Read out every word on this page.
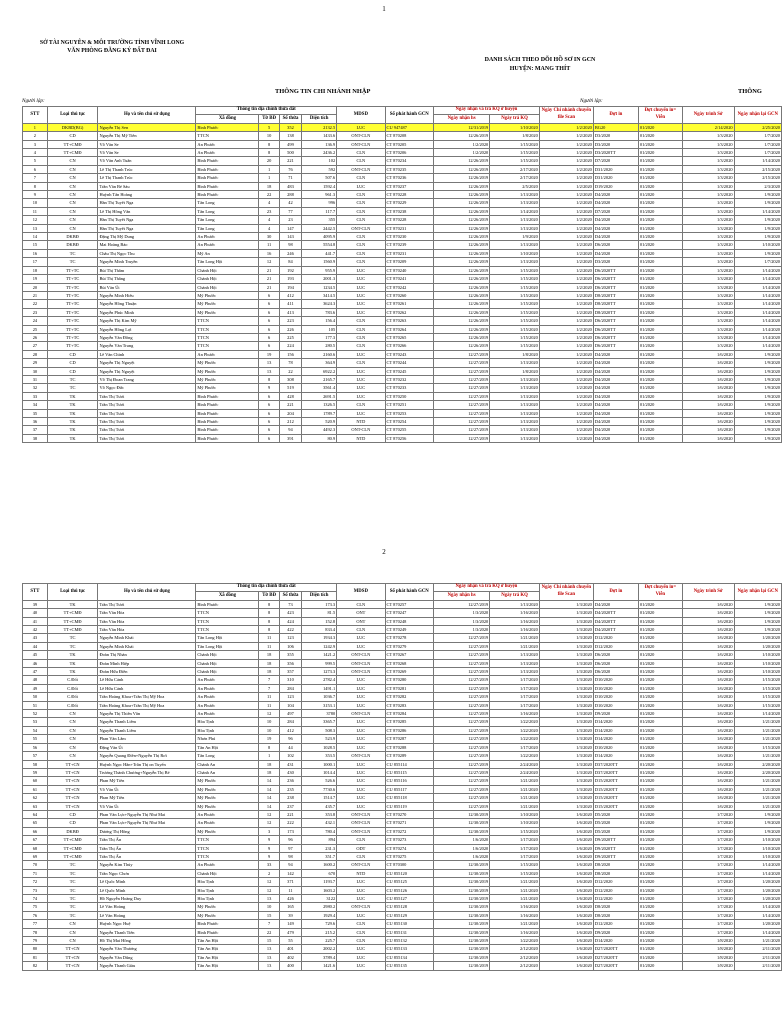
1
SỞ TÀI NGUYÊN & MÔI TRƯỜNG TỈNH VĨNH LONG
VĂN PHÒNG ĐĂNG KÝ ĐẤT ĐAI
DANH SÁCH THEO DÕI HỒ SƠ IN GCN
HUYỆN: MANG THÍT
THÔNG TIN CHI NHÁNH NHẬP	THÔNG
Người lập:	Người lập:
STT	Loại thủ tục	Họ và tên chủ sử dụng	Thông tin địa chính thửa đất				MDSD	Số phát hành GCN	Ngày nhận và trả KQ ở huyện		Ngày Chi nhánh chuyển file Scan	Đợt in	Đợt chuyển in= Viễn	Ngày trình Sở	Ngày nhận lại GCN
			Xã đồng	Tờ BĐ	Số thửa	Diện tích			Ngày nhận hs	Ngày trả KQ					
1	DKBD(BG)	Nguyễn Thị Sen	Bình Phước	5	352	2132.5	LUC	CU 947487	12/31/2019	1/10/2020	1/2/2020	BG20	01/2020	2/14/2020	2/25/2020
2	CD	Nguyễn Thị Mỹ Tiên	TTCN	10	138	1433.6	ONT-CLN	CT 870208	12/26/2019	1/8/2020	1/2/2020	D3/2020	01/2020	1/3/2020	1/7/2020
3	TT+CMĐ	Võ Văn Se	An Phước	8	499	136.9	ONT-CLN	CT 870205	1/2/2020	1/15/2020	1/2/2020	D3/2020	01/2020	1/3/2020	1/7/2020
4	TT+CMĐ	Võ Văn Se	An Phước	8	500	2436.2	CLN	CT 870206	1/2/2020	1/15/2020	1/2/2020	D3/2020TT	01/2020	1/3/2020	1/7/2020
5	CN	Võ Văn Anh Tuấn	Bình Phước	20	221	102	CLN	CT 870234	12/26/2019	1/15/2020	1/2/2020	D7/2020	01/2020	1/3/2020	1/14/2020
6	CN	Lê Thị Thanh Trúc	Bình Phước	1	76	592	ONT-CLN	CT 870235	12/26/2019	2/17/2020	1/2/2020	D31/2020	01/2020	1/3/2020	2/15/2020
7	CN	Lê Thị Thanh Trúc	Bình Phước	1	71	507.6	CLN	CT 870236	12/26/2019	2/17/2020	1/2/2020	D31/2020	01/2020	1/3/2020	2/15/2020
8	CN	Trần Văn Bé Sáu	Bình Phước	18	483	1592.4	LUC	CT 870237	12/26/2019	2/5/2020	1/2/2020	D19/2020	01/2020	1/3/2020	2/3/2020
9	CN	Huỳnh Tấn Hoàng	Bình Phước	22	288	961.3	CLN	CT 870228	12/26/2019	1/13/2020	1/2/2020	D4/2020	01/2020	1/3/2020	1/9/2020
10	CN	Hàn Thị Tuyết Nga	Tân Long	4	42	996	CLN	CT 870229	12/26/2019	1/13/2020	1/2/2020	D4/2020	01/2020	1/3/2020	1/9/2020
11	CN	Lê Thị Hồng Vân	Tân Long	23	77	117.7	CLN	CT 870238	12/26/2019	1/14/2020	1/2/2020	D7/2020	01/2020	1/3/2020	1/14/2020
12	CN	Hàn Thị Tuyết Nga	Tân Long	4	23	355	CLN	CT 870228	12/26/2019	1/13/2020	1/2/2020	D4/2020	01/2020	1/3/2020	1/9/2020
13	CN	Hàn Thị Tuyết Nga	Tân Long	4	147	2442.5	ONT-CLN	CT 870231	12/26/2019	1/13/2020	1/2/2020	D4/2020	01/2020	1/3/2020	1/9/2020
14	DKBĐ	Đặng Thị Mỹ Dung	An Phước	30	143	4095.9	CLN	CT 870230	12/26/2019	1/9/2020	1/2/2020	D4/2020	01/2020	1/3/2020	1/9/2020
15	DKBĐ	Mai Hoàng Bảo	An Phước	11	98	5554.8	CLN	CT 870239	12/26/2019	1/13/2020	1/2/2020	D6/2020	01/2020	1/3/2020	1/10/2020
16	TC	Châu Thị Ngọc Thu	Mỹ An	16	246	441.7	CLN	CT 870231	12/26/2019	1/10/2020	1/2/2020	D4/2020	01/2020	1/3/2020	1/9/2020
17	TC	Nguyễn Minh Truyền	Tân Long Hội	12	84	1560.9	CLN	CT 870209	12/26/2019	1/13/2020	1/2/2020	D3/2020	01/2020	1/3/2020	1/7/2020
18	TT+TC	Bùi Thị Thắm	Chánh Hội	21	192	955.9	LUC	CT 870240	12/26/2019	1/15/2020	1/2/2020	D6/2020TT	01/2020	1/3/2020	1/14/2020
19	TT+TC	Bùi Thị Thắng	Chánh Hội	21	193	2001.3	LUC	CT 870241	12/26/2019	1/15/2020	1/2/2020	D6/2020TT	01/2020	1/3/2020	1/14/2020
20	TT+TC	Bùi Văn Út	Chánh Hội	21	194	1234.5	LUC	CT 870242	12/26/2019	1/15/2020	1/2/2020	D6/2020TT	01/2020	1/3/2020	1/14/2020
21	TT+TC	Nguyễn Minh Hiếu	Mỹ Phước	6	412	3414.5	LUC	CT 870260	12/26/2019	1/15/2020	1/2/2020	D8/2020TT	01/2020	1/3/2020	1/14/2020
22	TT+TC	Nguyễn Hồng Thuận	Mỹ Phước	6	411	3624.3	LUC	CT 870261	12/26/2019	1/15/2020	1/2/2020	D8/2020TT	01/2020	1/3/2020	1/14/2020
23	TT+TC	Nguyễn Phúc Minh	Mỹ Phước	6	413	783.6	LUC	CT 870262	12/26/2019	1/15/2020	1/2/2020	D8/2020TT	01/2020	1/3/2020	1/14/2020
24	TT+TC	Nguyễn Thị Kim Mỹ	TTCN	6	223	156.4	CLN	CT 870263	12/26/2019	1/15/2020	1/2/2020	D6/2020TT	01/2020	1/3/2020	1/14/2020
25	TT+TC	Nguyễn Hồng Lợi	TTCN	6	226	105	CLN	CT 870264	12/26/2019	1/15/2020	1/2/2020	D6/2020TT	01/2020	1/3/2020	1/14/2020
26	TT+TC	Nguyễn Văn Đồng	TTCN	6	225	177.3	CLN	CT 870265	12/26/2019	1/15/2020	1/2/2020	D6/2020TT	01/2020	1/3/2020	1/14/2020
27	TT+TC	Nguyễn Văn Trung	TTCN	6	224	280.5	CLN	CT 870266	12/26/2019	1/15/2020	1/2/2020	D6/2020TT	01/2020	1/3/2020	1/14/2020
28	CD	Lê Văn Chình	An Phước	19	156	2160.6	LUC	CT 870243	12/27/2019	1/8/2020	1/2/2020	D4/2020	01/2020	1/6/2020	1/9/2020
29	CD	Nguyễn Thị Nguyệt	Mỹ Phước	13	78	364.9	CLN	CT 870244	12/27/2019	1/13/2020	1/2/2020	D4/2020	01/2020	1/6/2020	1/9/2020
30	CD	Nguyễn Thị Nguyệt	Mỹ Phước	13	22	6922.2	LUC	CT 870245	12/27/2019	1/8/2020	1/2/2020	D4/2020	01/2020	1/6/2020	1/9/2020
31	TC	Võ Thị Đoan Trang	Mỹ Phước	8	308	2165.7	LUC	CT 870232	12/27/2019	1/13/2020	1/2/2020	D4/2020	01/2020	1/6/2020	1/9/2020
32	TC	Võ Ngọc Đức	Mỹ Phước	9	519	3561.4	LUC	CT 870233	12/27/2019	1/13/2020	1/2/2020	D4/2020	01/2020	1/6/2020	1/9/2020
33	TK	Trần Thị Tươi	Bình Phước	6	428	2691.5	LUC	CT 870250	12/27/2019	1/13/2020	1/2/2020	D4/2020	01/2020	1/6/2020	1/9/2020
34	TK	Trần Thị Tươi	Bình Phước	6	221	1326.5	CLN	CT 870251	12/27/2019	1/13/2020	1/2/2020	D4/2020	01/2020	1/6/2020	1/9/2020
35	TK	Trần Thị Tươi	Bình Phước	6	204	1789.7	LUC	CT 870253	12/27/2019	1/13/2020	1/2/2020	D4/2020	01/2020	1/6/2020	1/9/2020
36	TK	Trần Thị Tươi	Bình Phước	6	212	520.9	NTD	CT 870254	12/27/2019	1/13/2020	1/2/2020	D4/2020	01/2020	1/6/2020	1/9/2020
37	TK	Trần Thị Tươi	Bình Phước	6	94	4492.3	ONT-CLN	CT 870255	12/27/2019	1/13/2020	1/2/2020	D4/2020	01/2020	1/6/2020	1/9/2020
38	TK	Trần Thị Tươi	Bình Phước	6	391	80.9	NTD	CT 870256	12/27/2019	1/13/2020	1/2/2020	D4/2020	01/2020	1/6/2020	1/9/2020
2
STT	Loại thủ tục	Họ và tên chủ sử dụng	Thông tin địa chính thửa đất				MDSD	Số phát hành GCN	Ngày nhận và trả KQ ở huyện		Ngày Chi nhánh chuyển file Scan	Đợt in	Đợt chuyển in= Viễn	Ngày trình Sở	Ngày nhận lại GCN
			Xã đồng	Tờ BĐ	Số thửa	Diện tích			Ngày nhận hs	Ngày trả KQ					
39	TK	Trần Thị Tươi	Bình Phước	8	73	173.3	CLN	CT 870257	12/27/2019	1/13/2020	1/3/2020	D4/2020	01/2020	1/6/2020	1/9/2020
40	TT+CMĐ	Trần Văn Hòa	TTCN	8	423	81.5	ONT	CT 870247	1/3/2020	1/16/2020	1/3/2020	D4/2020TT	01/2020	1/6/2020	1/9/2020
41	TT+CMĐ	Trần Văn Hòa	TTCN	8	424	152.8	ONT	CT 870248	1/3/2020	1/16/2020	1/3/2020	D4/2020TT	01/2020	1/6/2020	1/9/2020
42	TT+CMĐ	Trần Văn Hòa	TTCN	8	422	833.4	CLN	CT 870249	1/3/2020	1/16/2020	1/3/2020	D4/2020TT	01/2020	1/6/2020	1/9/2020
43	TC	Nguyễn Minh Khải	Tân Long Hội	11	123	1934.3	LUC	CT 870278	12/27/2019	1/21/2020	1/3/2020	D12/2020	01/2020	1/6/2020	1/20/2020
44	TC	Nguyễn Minh Khải	Tân Long Hội	11	106	1242.9	LUC	CT 870279	12/27/2019	1/21/2020	1/3/2020	D12/2020	01/2020	1/6/2020	1/20/2020
45	TK	Đoàn Thị Nhàn	Chánh Hội	18	355	1421.2	ONT-CLN	CT 870267	12/27/2019	1/13/2020	1/3/2020	D6/2020	01/2020	1/6/2020	1/10/2020
46	TK	Đoàn Minh Hiệp	Chánh Hội	18	356	999.5	ONT-CLN	CT 870268	12/27/2019	1/13/2020	1/3/2020	D6/2020	01/2020	1/6/2020	1/10/2020
47	TK	Đoàn Hữu Điền	Chánh Hội	18	357	1273.3	ONT-CLN	CT 870269	12/27/2019	1/13/2020	1/3/2020	D6/2020	01/2020	1/6/2020	1/10/2020
48	C.Đổi	Lê Hữu Cảnh	An Phước	7	310	2782.4	LUC	CT 870280	12/27/2019	1/17/2020	1/3/2020	D10/2020	01/2020	1/6/2020	1/15/2020
49	C.Đổi	Lê Hữu Cảnh	An Phước	7	284	1491.1	LUC	CT 870281	12/27/2019	1/17/2020	1/3/2020	D10/2020	01/2020	1/6/2020	1/15/2020
50	C.Đổi	Trần Hoàng Khoa+Trần Thị Mỹ Hoa	An Phước	11	123	1036.7	LUC	CT 870282	12/27/2019	1/17/2020	1/3/2020	D10/2020	01/2020	1/6/2020	1/15/2020
51	C.Đổi	Trần Hoàng Khoa+Trần Thị Mỹ Hoa	An Phước	11	104	3153.1	LUC	CT 870283	12/27/2019	1/17/2020	1/3/2020	D10/2020	01/2020	1/6/2020	1/15/2020
52	CN	Nguyễn Thị Thiên Vân	An Phước	12	497	3780	ONT-CLN	CT 870284	12/27/2019	1/16/2020	1/3/2020	D9/2020	01/2020	1/6/2020	1/14/2020
53	CN	Nguyễn Thanh Liêm	Hòa Tịnh	10	284	3365.7	LUC	CT 870285	12/27/2019	1/22/2020	1/3/2020	D14/2020	01/2020	1/6/2020	1/21/2020
54	CN	Nguyễn Thanh Liêm	Hòa Tịnh	10	412	508.3	LUC	CT 870286	12/27/2019	1/22/2020	1/3/2020	D14/2020	01/2020	1/6/2020	1/21/2020
55	CN	Phan Văn Lâm	Nhơn Phú	19	96	523.9	LUC	CT 870287	12/27/2019	1/22/2020	1/3/2020	D14/2020	01/2020	1/6/2020	1/21/2020
56	CN	Đặng Văn Út	Tân An Hội	8	44	1028.5	LUC	CT 870288	12/27/2019	1/17/2020	1/3/2020	D10/2020	01/2020	1/6/2020	1/15/2020
57	CN	Nguyễn Quang Điền+Nguyễn Thị Rơi	Tân Long	1	102	353.5	ONT-CLN	CT 870289	12/27/2019	1/22/2020	1/3/2020	D14/2020	01/2020	1/6/2020	1/21/2020
58	TT+CN	Huỳnh Ngọc Hân+Trần Thị on Tuyển	Chánh An	18	431	1000.1	LUC	CU 855114	12/27/2019	2/24/2020	1/3/2020	D37/2020TT	01/2020	1/6/2020	2/20/2020
59	TT+CN	Trương Thành Chương+Nguyễn Thị Bé	Chánh An	18	430	1014.4	LUC	CU 855115	12/27/2019	2/24/2020	1/3/2020	D37/2020TT	01/2020	1/6/2020	2/20/2020
60	TT+CN	Phan Mỹ Tiên	Mỹ Phước	14	236	526.6	LUC	CU 855116	12/27/2019	1/21/2020	1/3/2020	D15/2020TT	01/2020	1/6/2020	1/21/2020
61	TT+CN	Võ Văn Út	Mỹ Phước	14	235	7730.6	LUC	CU 855117	12/27/2019	1/21/2020	1/3/2020	D15/2020TT	01/2020	1/6/2020	1/21/2020
62	TT+CN	Phan Mỹ Tiên	Mỹ Phước	14	238	1514.7	LUC	CU 855118	12/27/2019	1/21/2020	1/3/2020	D15/2020TT	01/2020	1/6/2020	1/21/2020
63	TT+CN	Võ Văn Út	Mỹ Phước	14	237	435.7	LUC	CU 855119	12/27/2019	1/21/2020	1/3/2020	D15/2020TT	01/2020	1/6/2020	1/21/2020
64	CD	Phan Văn Lực+Nguyễn Thị Như Mai	An Phước	12	221	353.8	ONT-CLN	CT 870270	12/30/2019	1/10/2020	1/6/2020	D5/2020	01/2020	1/7/2020	1/9/2020
65	CD	Phan Văn Lực+Nguyễn Thị Như Mai	An Phước	12	222	432.1	ONT-CLN	CT 870271	12/30/2019	1/10/2020	1/6/2020	D5/2020	01/2020	1/7/2020	1/9/2020
66	DKBĐ	Dương Thị Hồng	Mỹ Phước	3	173	780.4	ONT-CLN	CT 870272	12/30/2019	1/15/2020	1/6/2020	D5/2020	01/2020	1/7/2020	1/9/2020
67	TT+CMĐ	Trần Thị Ấn	TTCN	9	96	894	CLN	CT 870273	1/6/2020	1/17/2020	1/6/2020	D9/2020TT	01/2020	1/7/2020	1/10/2020
68	TT+CMĐ	Trần Thị Ấn	TTCN	9	97	231.3	ODT	CT 870274	1/6/2020	1/17/2020	1/6/2020	D9/2020TT	01/2020	1/7/2020	1/10/2020
69	TT+CMĐ	Trần Thị Ấn	TTCN	9	98	351.7	CLN	CT 870275	1/6/2020	1/17/2020	1/6/2020	D9/2020TT	01/2020	1/7/2020	1/10/2020
70	TC	Nguyễn Kim Thủy	An Phước	33	94	1600.2	ONT-CLN	CT 870300	12/30/2019	1/15/2020	1/6/2020	D8/2020	01/2020	1/7/2020	1/14/2020
71	TC	Trần Ngọc Chơn	Chánh Hội	2	142	670	NTD	CU 855120	12/30/2019	1/15/2020	1/6/2020	D8/2020	01/2020	1/7/2020	1/14/2020
72	TC	Lê Quốc Minh	Hòa Tịnh	12	371	1193.7	LUC	CU 855125	12/30/2019	1/21/2020	1/6/2020	D12/2020	01/2020	1/7/2020	1/20/2020
73	TC	Lê Quốc Minh	Hòa Tịnh	12	11	1603.2	LUC	CU 855126	12/30/2019	1/21/2020	1/6/2020	D12/2020	01/2020	1/7/2020	1/20/2020
74	TC	Hồ Nguyễn Hoàng Duy	Hòa Tịnh	13	426	3122	LUC	CU 855127	12/30/2019	1/21/2020	1/6/2020	D12/2020	01/2020	1/7/2020	1/20/2020
75	TC	Lê Văn Hoàng	Mỹ Phước	10	165	2980.2	ONT-CLN	CU 855128	12/30/2019	1/16/2020	1/6/2020	D8/2020	01/2020	1/7/2020	1/14/2020
76	TC	Lê Văn Hoàng	Mỹ Phước	15	39	1929.4	LUC	CU 855129	12/30/2019	1/16/2020	1/6/2020	D8/2020	01/2020	1/7/2020	1/14/2020
77	CN	Huỳnh Ngọc Huệ	Bình Phước	7	149	729.6	CLN	CU 855130	12/30/2019	1/21/2020	1/6/2020	D12/2020	01/2020	1/7/2020	1/20/2020
78	CN	Nguyễn Thanh Tiến	Bình Phước	22	479	215.2	CLN	CU 855131	12/30/2019	1/16/2020	1/6/2020	D9/2020	01/2020	1/7/2020	1/14/2020
79	CN	Hồ Thị Mai Hồng	Tân An Hội	15	55	225.7	CLN	CU 855132	12/30/2019	1/22/2020	1/6/2020	D14/2020	01/2020	1/8/2020	1/21/2020
80	TT+CN	Nguyễn Văn Thương	Tân An Hội	13	401	2002.2	LUC	CU 855133	12/30/2019	2/12/2020	1/6/2020	D27/2020TT	01/2020	1/8/2020	2/11/2020
81	TT+CN	Nguyễn Văn Dũng	Tân An Hội	13	402	3789.4	LUC	CU 855134	12/30/2019	2/12/2020	1/6/2020	D27/2020TT	01/2020	1/8/2020	2/11/2020
82	TT+CN	Nguyễn Thanh Giàu	Tân An Hội	13	400	1421.6	LUC	CU 855135	12/30/2019	2/12/2020	1/6/2020	D27/2020TT	01/2020	1/8/2020	2/11/2020
